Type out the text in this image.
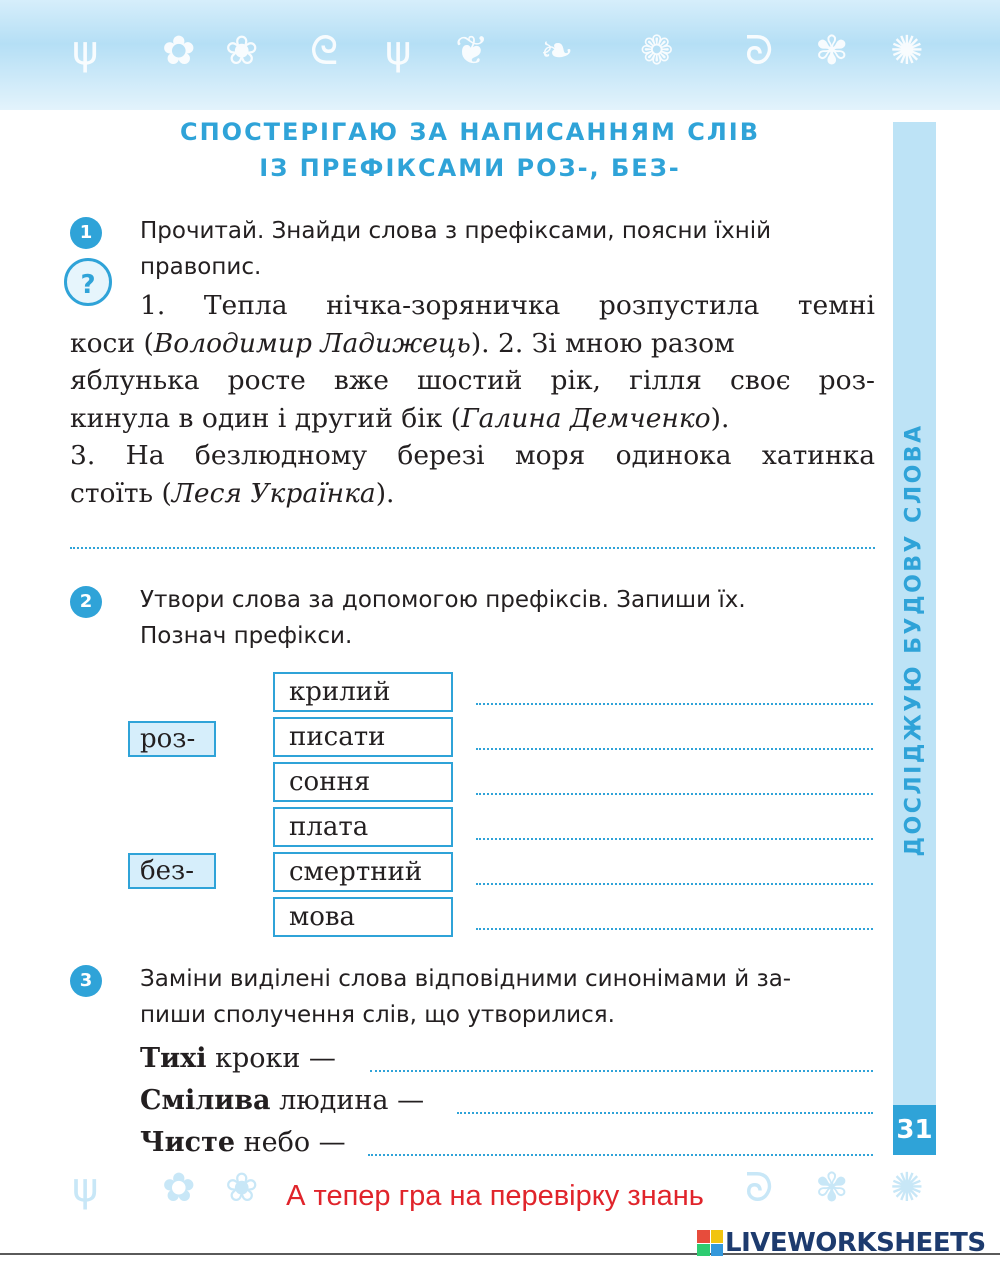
ψ ✿ ❀ ᘓ ψ ❦ ❧ ❁ ᘐ ✾ ✺
СПОСТЕРІГАЮ ЗА НАПИСАННЯМ СЛІВ
ІЗ ПРЕФІКСАМИ РОЗ-, БЕЗ-
1	Прочитай. Знайди слова з префіксами, поясни їхній
правопис.
?
1. Тепла нічка-зоряничка розпустила темні
коси (Володимир Ладижець). 2. Зі мною разом
яблунька росте вже шостий рік, гілля своє роз-
кинула в один і другий бік (Галина Демченко).
3. На безлюдному березі моря одинока хатинка
стоїть (Леся Українка).
2	Утвори слова за допомогою префіксів. Запиши їх.
Познач префікси.
роз-
без-
крилий
писати
соння
плата
смертний
мова
3	Заміни виділені слова відповідними синонімами й за-
пиши сполучення слів, що утворилися.
Тихі кроки —
Смілива людина —
Чисте небо —
ДОСЛІДЖУЮ БУДОВУ СЛОВА
31
ψ ✿ ❀	ᘐ ✾ ✺
А тепер гра на перевірку знань
LIVEWORKSHEETS
